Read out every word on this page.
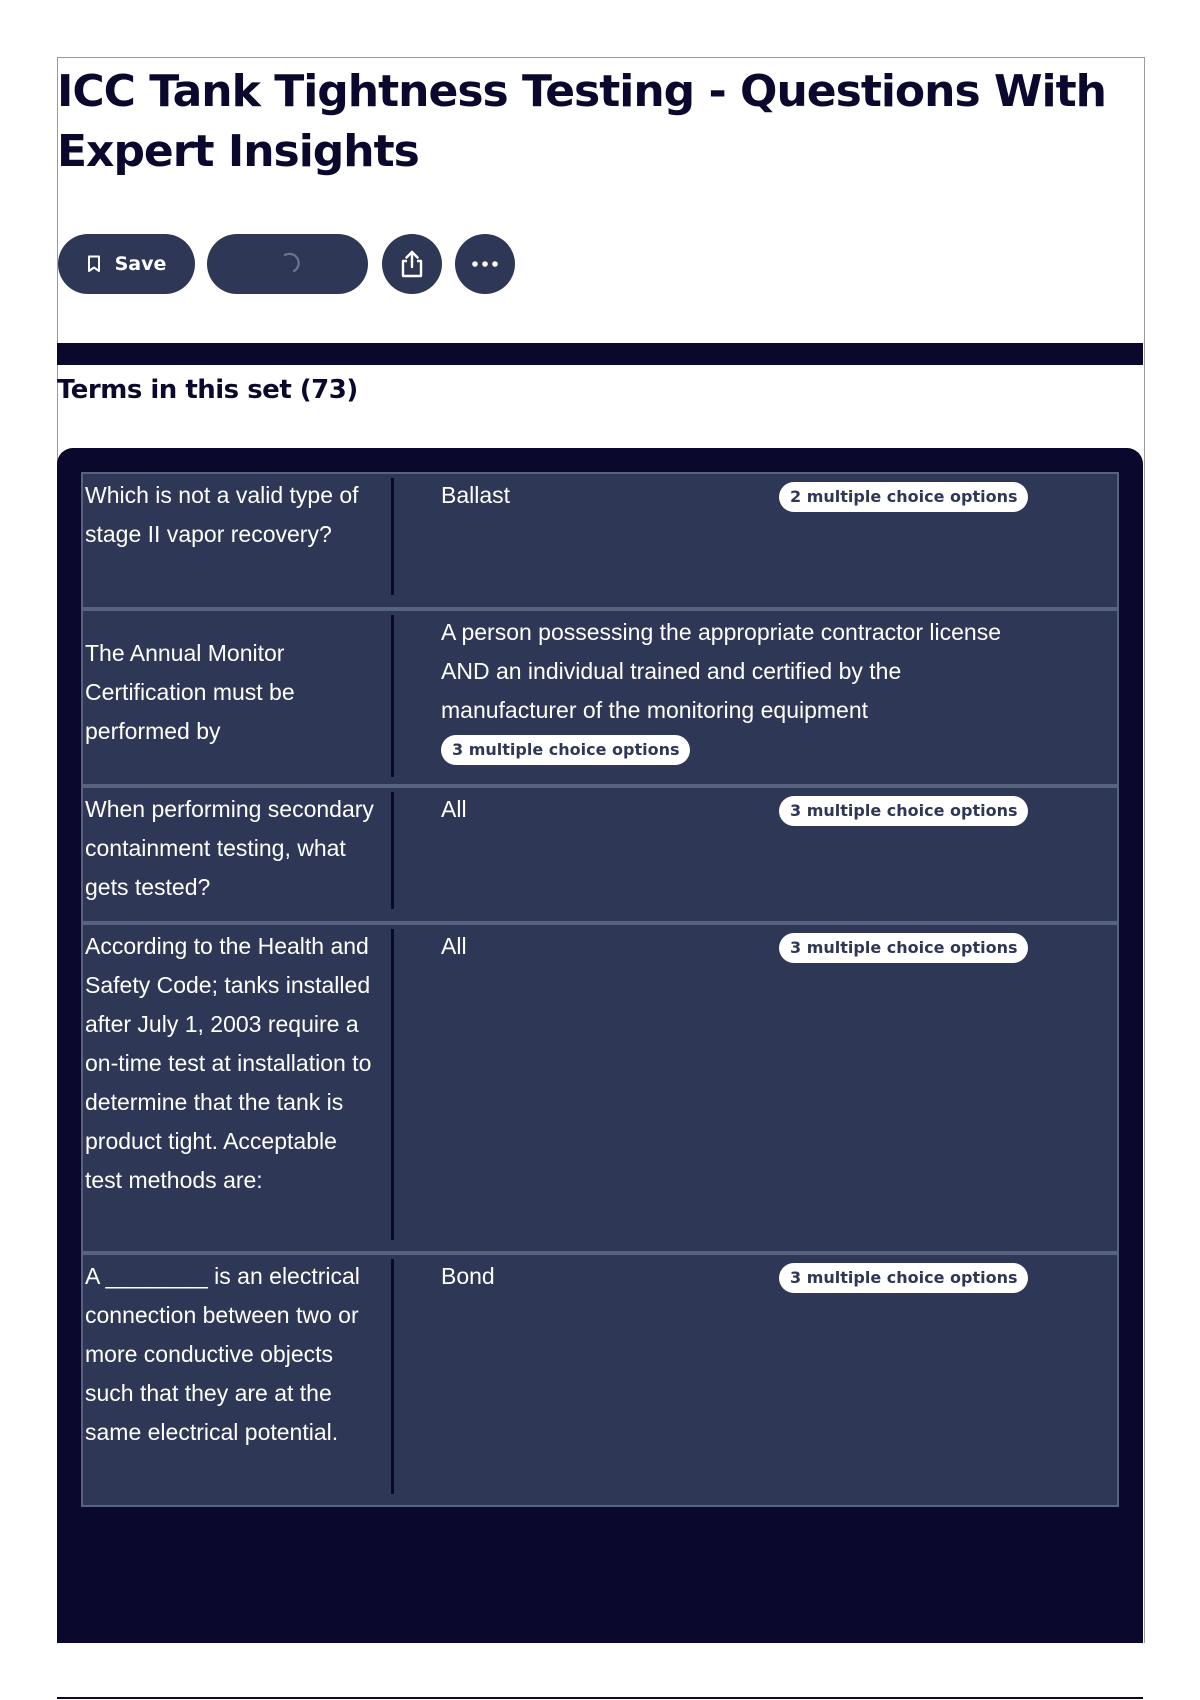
ICC Tank Tightness Testing - Questions With Expert Insights
Save
Terms in this set (73)
Which is not a valid type of stage II vapor recovery?
Ballast	2 multiple choice options
The Annual Monitor Certification must be performed by
A person possessing the appropriate contractor license AND an individual trained and certified by the manufacturer of the monitoring equipment
3 multiple choice options
When performing secondary containment testing, what gets tested?
All	3 multiple choice options
According to the Health and Safety Code; tanks installed after July 1, 2003 require a on-time test at installation to determine that the tank is product tight. Acceptable test methods are:
All	3 multiple choice options
A ________ is an electrical connection between two or more conductive objects such that they are at the same electrical potential.
Bond	3 multiple choice options
